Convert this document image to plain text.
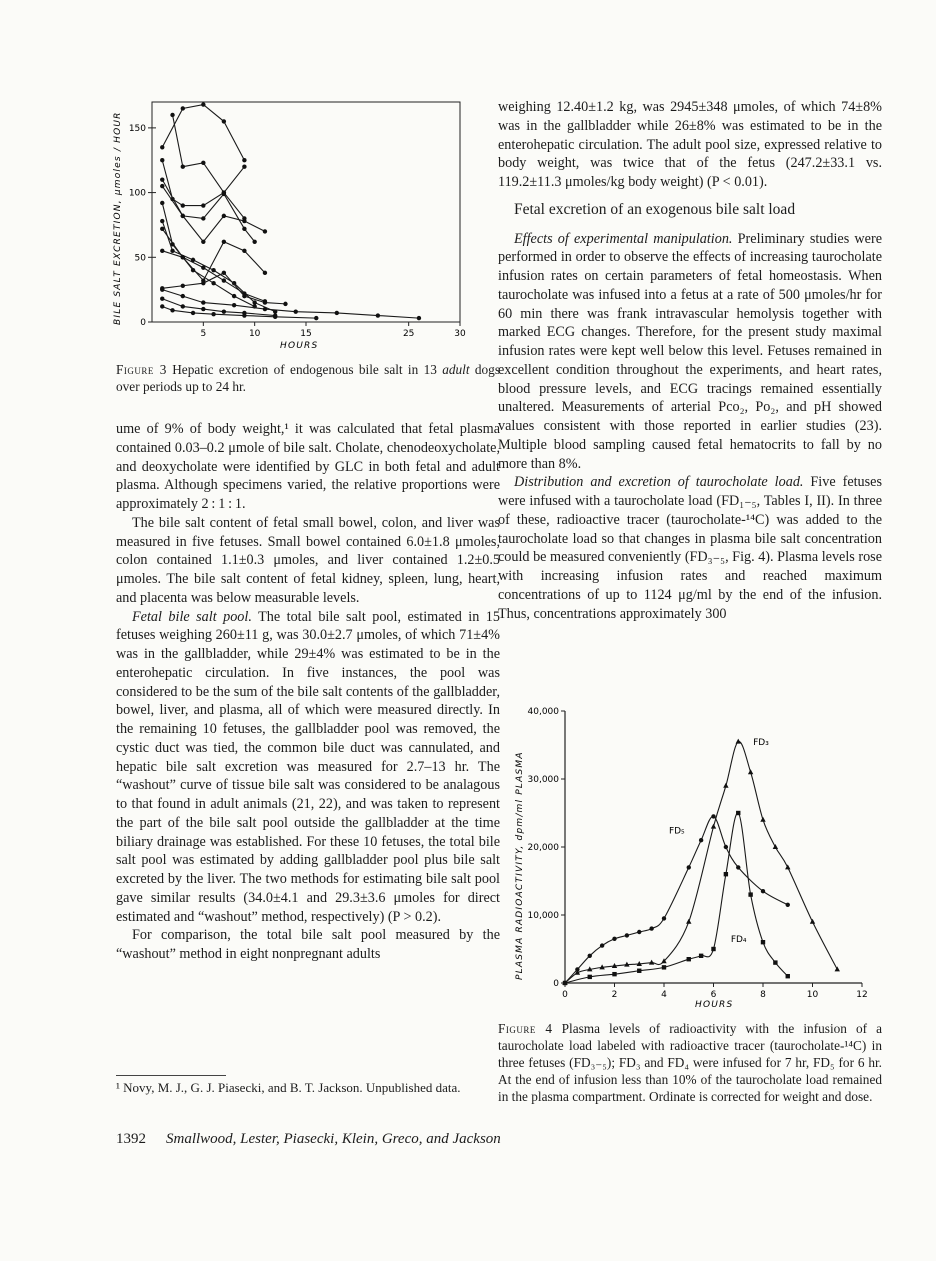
0
50
100
150
5	10	15	25	30
BILE SALT EXCRETION, μmoles / HOUR
HOURS
Figure 3 Hepatic excretion of endogenous bile salt in 13 adult dogs over periods up to 24 hr.

ume of 9% of body weight,¹ it was calculated that fetal plasma contained 0.03–0.2 μmole of bile salt. Cholate, chenodeoxycholate, and deoxycholate were identified by GLC in both fetal and adult plasma. Although specimens varied, the relative proportions were approximately 2 : 1 : 1.

The bile salt content of fetal small bowel, colon, and liver was measured in five fetuses. Small bowel contained 6.0±1.8 μmoles, colon contained 1.1±0.3 μmoles, and liver contained 1.2±0.5 μmoles. The bile salt content of fetal kidney, spleen, lung, heart, and placenta was below measurable levels.

Fetal bile salt pool. The total bile salt pool, estimated in 15 fetuses weighing 260±11 g, was 30.0±2.7 μmoles, of which 71±4% was in the gallbladder, while 29±4% was estimated to be in the enterohepatic circulation. In five instances, the pool was considered to be the sum of the bile salt contents of the gallbladder, bowel, liver, and plasma, all of which were measured directly. In the remaining 10 fetuses, the gallbladder pool was removed, the cystic duct was tied, the common bile duct was cannulated, and hepatic bile salt excretion was measured for 2.7–13 hr. The “washout” curve of tissue bile salt was considered to be analagous to that found in adult animals (21, 22), and was taken to represent the part of the bile salt pool outside the gallbladder at the time biliary drainage was established. For these 10 fetuses, the total bile salt pool was estimated by adding gallbladder pool plus bile salt excreted by the liver. The two methods for estimating bile salt pool gave similar results (34.0±4.1 and 29.3±3.6 μmoles for direct estimated and “washout” method, respectively) (P > 0.2).

For comparison, the total bile salt pool measured by the “washout” method in eight nonpregnant adults

¹ Novy, M. J., G. J. Piasecki, and B. T. Jackson. Unpublished data.
1392 Smallwood, Lester, Piasecki, Klein, Greco, and Jackson

weighing 12.40±1.2 kg, was 2945±348 μmoles, of which 74±8% was in the gallbladder while 26±8% was estimated to be in the enterohepatic circulation. The adult pool size, expressed relative to body weight, was twice that of the fetus (247.2±33.1 vs. 119.2±11.3 μmoles/kg body weight) (P < 0.01).

Fetal excretion of an exogenous bile salt load

Effects of experimental manipulation. Preliminary studies were performed in order to observe the effects of increasing taurocholate infusion rates on certain parameters of fetal homeostasis. When taurocholate was infused into a fetus at a rate of 500 μmoles/hr for 60 min there was frank intravascular hemolysis together with marked ECG changes. Therefore, for the present study maximal infusion rates were kept well below this level. Fetuses remained in excellent condition throughout the experiments, and heart rates, blood pressure levels, and ECG tracings remained essentially unaltered. Measurements of arterial Pco₂, Po₂, and pH showed values consistent with those reported in earlier studies (23). Multiple blood sampling caused fetal hematocrits to fall by no more than 8%.

Distribution and excretion of taurocholate load. Five fetuses were infused with a taurocholate load (FD₁₋₅, Tables I, II). In three of these, radioactive tracer (taurocholate-¹⁴C) was added to the taurocholate load so that changes in plasma bile salt concentration could be measured conveniently (FD₃₋₅, Fig. 4). Plasma levels rose with increasing infusion rates and reached maximum concentrations of up to 1124 μg/ml by the end of the infusion. Thus, concentrations approximately 300

0
10,000
20,000
30,000
40,000
0	2	4	6	8	10	12
FD₃
FD₅
FD₄
PLASMA RADIOACTIVITY, dpm/ml PLASMA
HOURS
Figure 4 Plasma levels of radioactivity with the infusion of a taurocholate load labeled with radioactive tracer (taurocholate-¹⁴C) in three fetuses (FD₃₋₅); FD₃ and FD₄ were infused for 7 hr, FD₅ for 6 hr. At the end of infusion less than 10% of the taurocholate load remained in the plasma compartment. Ordinate is corrected for weight and dose.
